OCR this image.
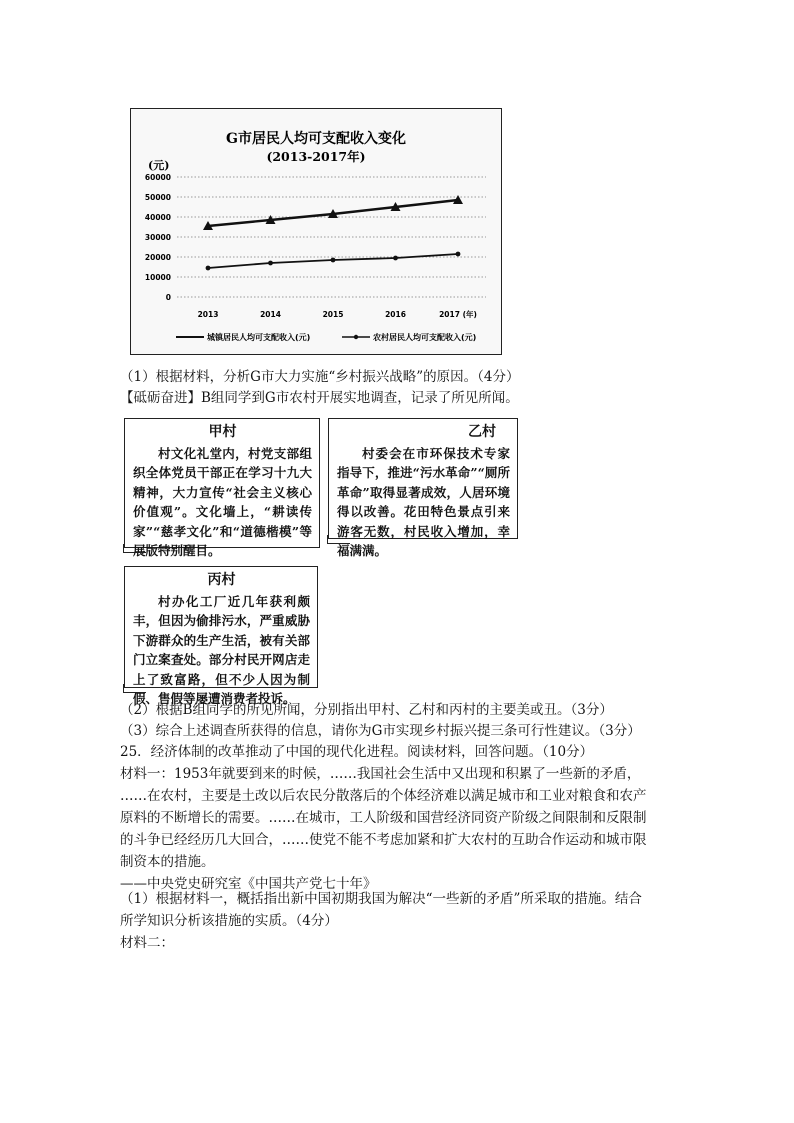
G市居民人均可支配收入变化
(2013-2017年)
(元)
60000
50000
40000
30000
20000
10000
0
2013	2014	2015	2016	2017 (年)
城镇居民人均可支配收入(元)	农村居民人均可支配收入(元)
（1）根据材料，分析G市大力实施“乡村振兴战略”的原因。（4分）
【砥砺奋进】B组同学到G市农村开展实地调查，记录了所见所闻。
甲村
村文化礼堂内，村党支部组织全体党员干部正在学习十九大精神，大力宣传“社会主义核心价值观”。文化墙上，“耕读传家”“慈孝文化”和“道德楷模”等展版特别醒目。
乙村
村委会在市环保技术专家指导下，推进“污水革命”“厕所革命”取得显著成效，人居环境得以改善。花田特色景点引来游客无数，村民收入增加，幸福满满。
丙村
村办化工厂近几年获利颇丰，但因为偷排污水，严重威胁下游群众的生产生活，被有关部门立案查处。部分村民开网店走上了致富路，但不少人因为制假、售假等屡遭消费者投诉。
（2）根据B组同学的所见所闻，分别指出甲村、乙村和丙村的主要美或丑。（3分）
（3）综合上述调查所获得的信息，请你为G市实现乡村振兴提三条可行性建议。（3分）
25．经济体制的改革推动了中国的现代化进程。阅读材料，回答问题。（10分）
材料一：1953年就要到来的时候，……我国社会生活中又出现和积累了一些新的矛盾，
……在农村，主要是土改以后农民分散落后的个体经济难以满足城市和工业对粮食和农产
原料的不断增长的需要。……在城市，工人阶级和国营经济同资产阶级之间限制和反限制
的斗争已经经历几大回合，……使党不能不考虑加紧和扩大农村的互助合作运动和城市限
制资本的措施。
——中央党史研究室《中国共产党七十年》
（1）根据材料一，概括指出新中国初期我国为解决“一些新的矛盾”所采取的措施。结合
所学知识分析该措施的实质。（4分）
材料二：
